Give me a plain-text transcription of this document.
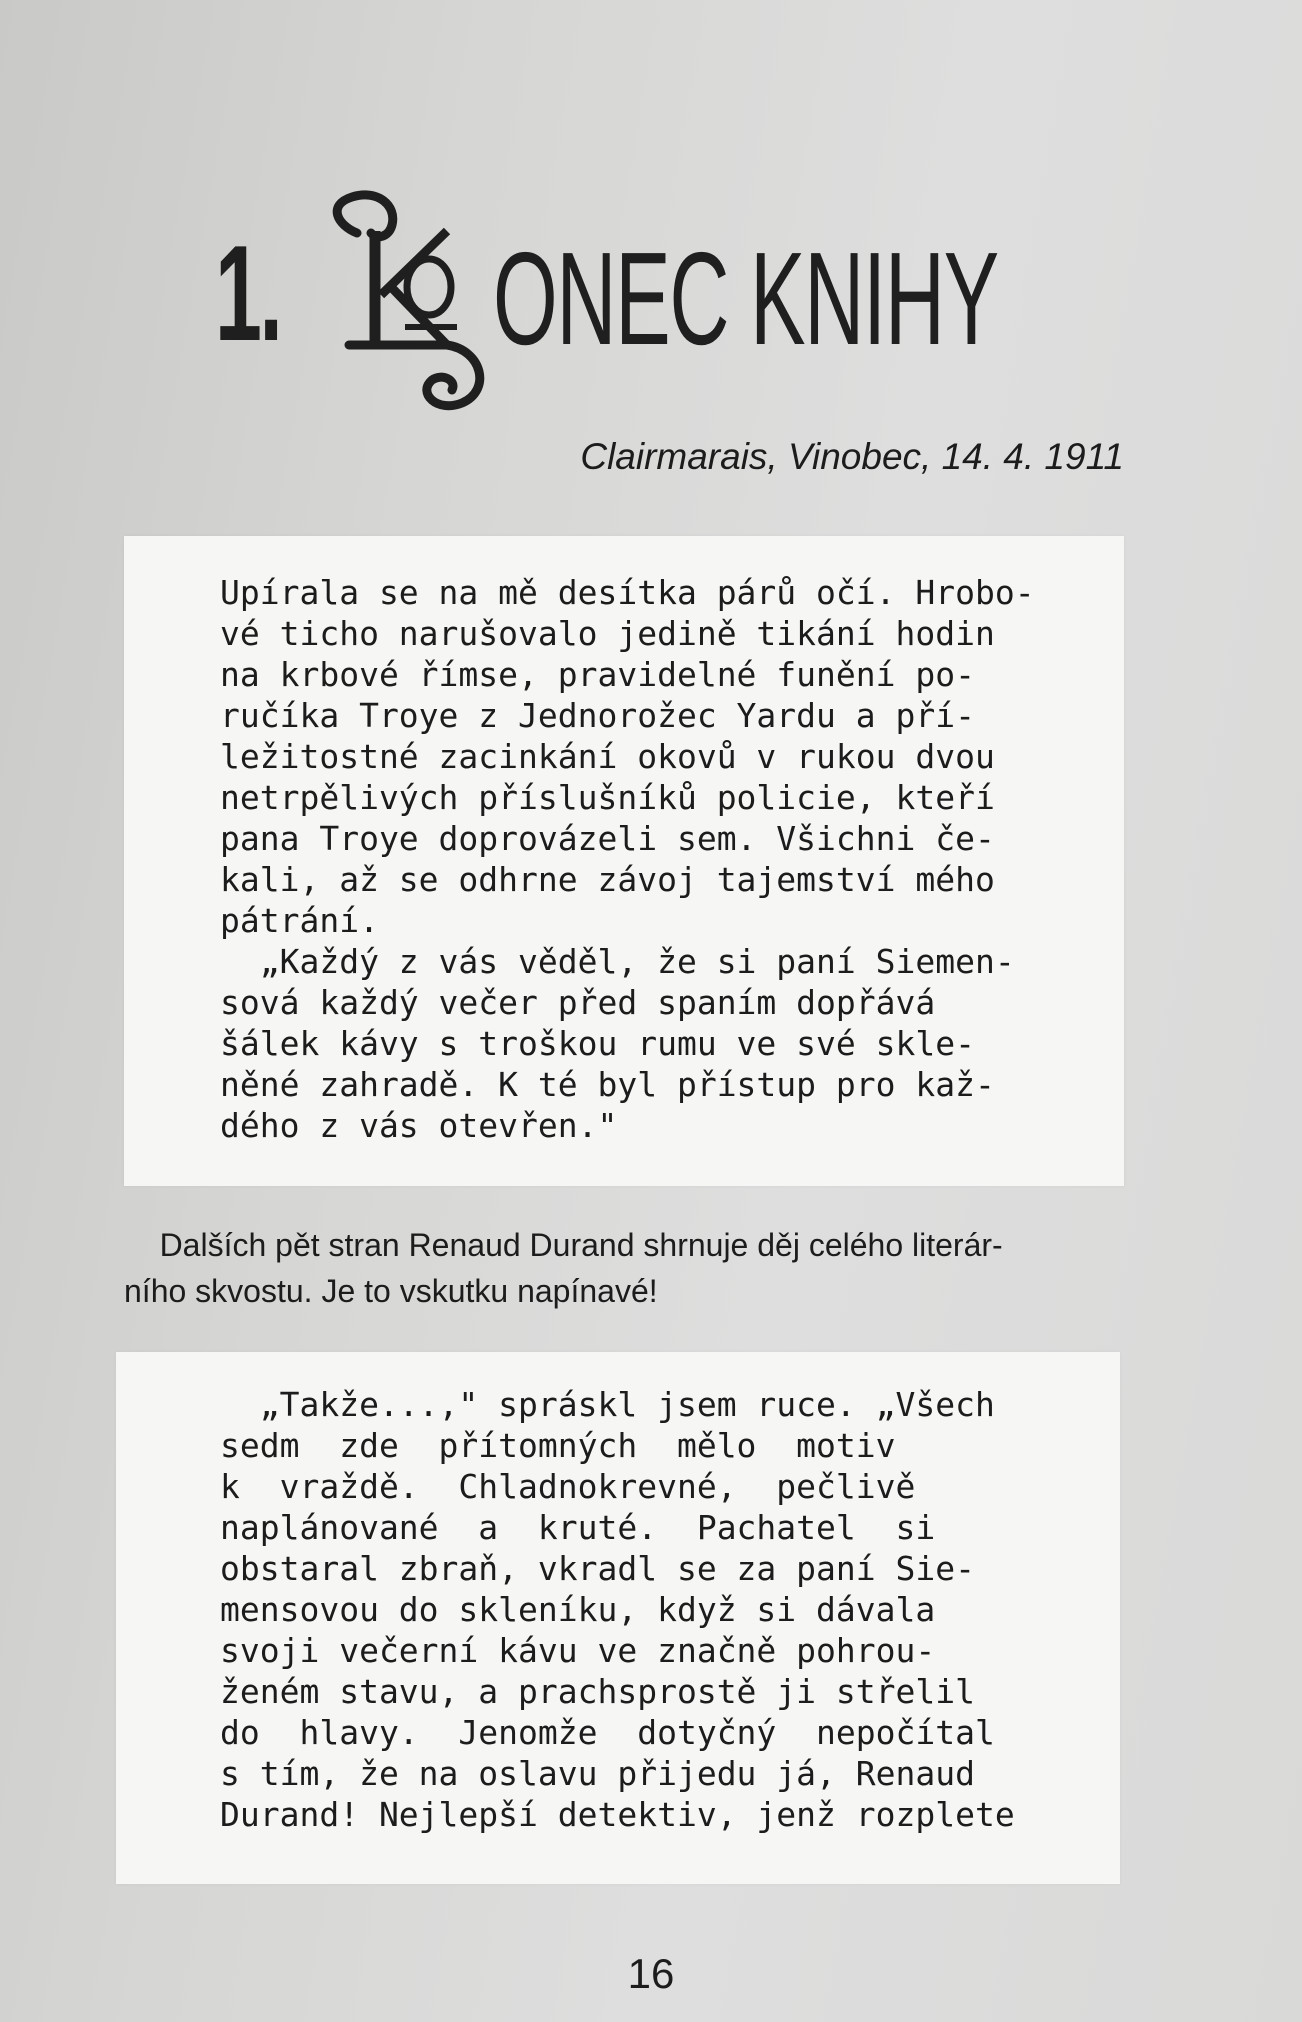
1. ONEC KNIHY
Clairmarais, Vinobec, 14. 4. 1911
Upírala se na mě desítka párů očí. Hrobo-
vé ticho narušovalo jedině tikání hodin
na krbové římse, pravidelné funění po-
ručíka Troye z Jednorožec Yardu a pří-
ležitostné zacinkání okovů v rukou dvou
netrpělivých příslušníků policie, kteří
pana Troye doprovázeli sem. Všichni če-
kali, až se odhrne závoj tajemství mého
pátrání.
„Každý z vás věděl, že si paní Siemen-
sová každý večer před spaním dopřává
šálek kávy s troškou rumu ve své skle-
něné zahradě. K té byl přístup pro kaž-
dého z vás otevřen."
Dalších pět stran Renaud Durand shrnuje děj celého literár-
ního skvostu. Je to vskutku napínavé!
„Takže...," spráskl jsem ruce. „Všech
sedm  zde  přítomných  mělo  motiv
k  vraždě.  Chladnokrevné,  pečlivě
naplánované  a  kruté.  Pachatel  si
obstaral zbraň, vkradl se za paní Sie-
mensovou do skleníku, když si dávala
svoji večerní kávu ve značně pohrou-
ženém stavu, a prachsprostě ji střelil
do  hlavy.  Jenomže  dotyčný  nepočítal
s tím, že na oslavu přijedu já, Renaud
Durand! Nejlepší detektiv, jenž rozplete
16
